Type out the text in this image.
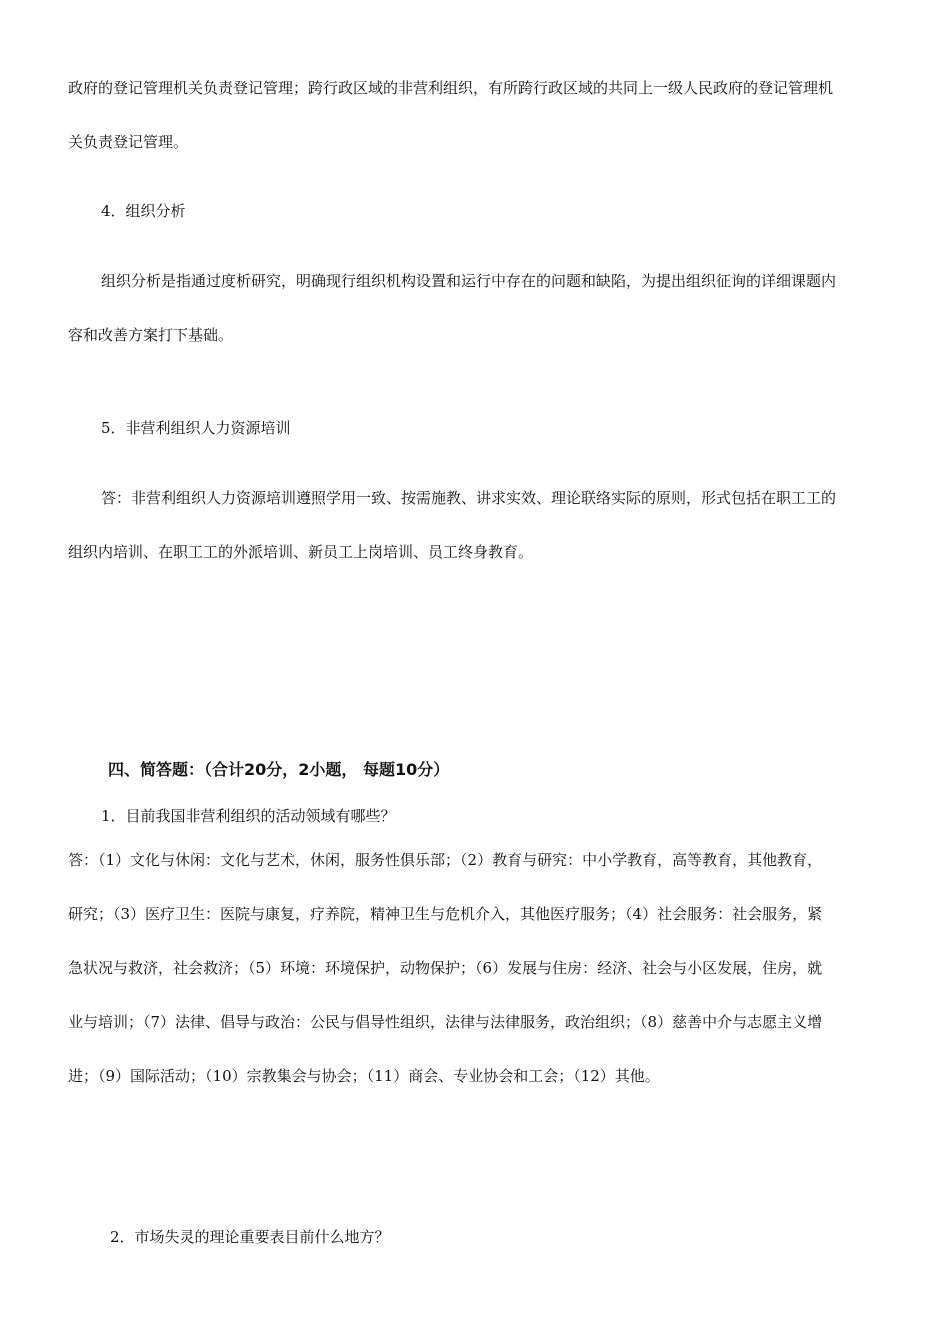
政府的登记管理机关负责登记管理；跨行政区域的非营利组织，有所跨行政区域的共同上一级人民政府的登记管理机
关负责登记管理。
4．组织分析
组织分析是指通过度析研究，明确现行组织机构设置和运行中存在的问题和缺陷，为提出组织征询的详细课题内
容和改善方案打下基础。
5．非营利组织人力资源培训
答：非营利组织人力资源培训遵照学用一致、按需施教、讲求实效、理论联络实际的原则，形式包括在职工工的
组织内培训、在职工工的外派培训、新员工上岗培训、员工终身教育。
四、简答题：（合计20分，2小题， 每题10分）
1．目前我国非营利组织的活动领域有哪些？
答：（1）文化与休闲：文化与艺术，休闲，服务性俱乐部；（2）教育与研究：中小学教育，高等教育，其他教育，
研究；（3）医疗卫生：医院与康复，疗养院，精神卫生与危机介入，其他医疗服务；（4）社会服务：社会服务，紧
急状况与救济，社会救济；（5）环境：环境保护，动物保护；（6）发展与住房：经济、社会与小区发展，住房，就
业与培训；（7）法律、倡导与政治：公民与倡导性组织，法律与法律服务，政治组织；（8）慈善中介与志愿主义增
进；（9）国际活动；（10）宗教集会与协会；（11）商会、专业协会和工会；（12）其他。
2．市场失灵的理论重要表目前什么地方？
